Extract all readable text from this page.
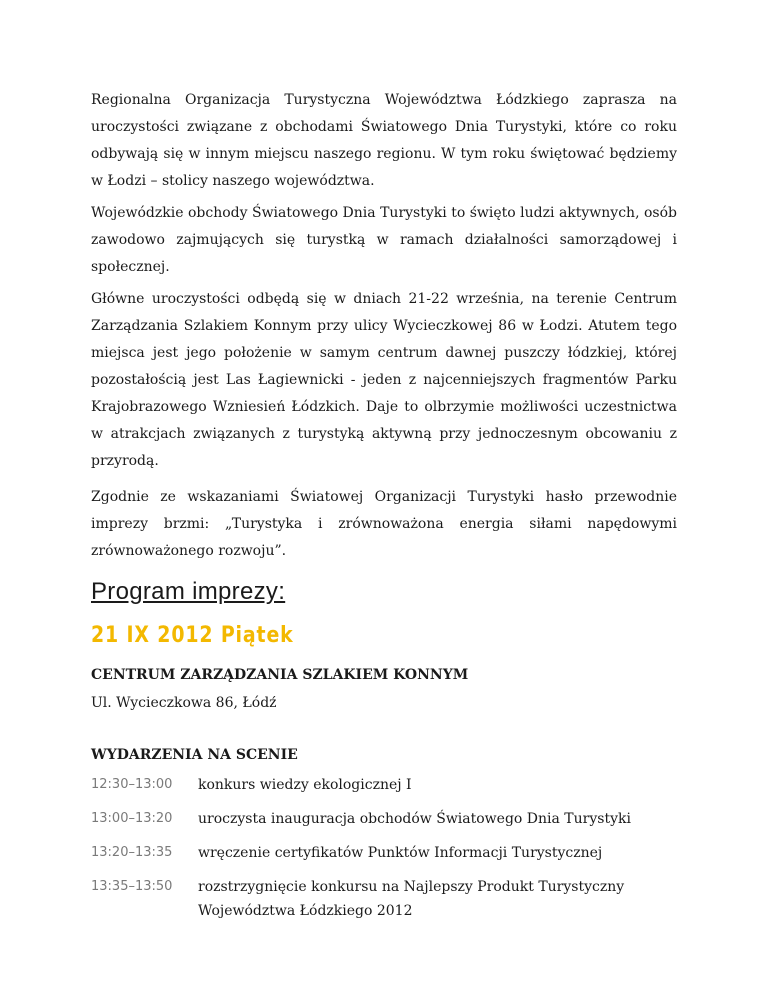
Regionalna Organizacja Turystyczna Województwa Łódzkiego zaprasza na uroczystości związane z obchodami Światowego Dnia Turystyki, które co roku odbywają się w innym miejscu naszego regionu. W tym roku świętować będziemy w Łodzi – stolicy naszego województwa.

Wojewódzkie obchody Światowego Dnia Turystyki to święto ludzi aktywnych, osób zawodowo zajmujących się turystką w ramach działalności samorządowej i społecznej.

Główne uroczystości odbędą się w dniach 21-22 września, na terenie Centrum Zarządzania Szlakiem Konnym przy ulicy Wycieczkowej 86 w Łodzi. Atutem tego miejsca jest jego położenie w samym centrum dawnej puszczy łódzkiej, której pozostałością jest Las Łagiewnicki - jeden z najcenniejszych fragmentów Parku Krajobrazowego Wzniesień Łódzkich. Daje to olbrzymie możliwości uczestnictwa w atrakcjach związanych z turystyką aktywną przy jednoczesnym obcowaniu z przyrodą.

Zgodnie ze wskazaniami Światowej Organizacji Turystyki hasło przewodnie imprezy brzmi: „Turystyka i zrównoważona energia siłami napędowymi zrównoważonego rozwoju”.

Program imprezy:
21 IX 2012 Piątek

CENTRUM ZARZĄDZANIA SZLAKIEM KONNYM

Ul. Wycieczkowa 86, Łódź

WYDARZENIA NA SCENIE

12:30–13:00	konkurs wiedzy ekologicznej I
13:00–13:20	uroczysta inauguracja obchodów Światowego Dnia Turystyki
13:20–13:35	wręczenie certyfikatów Punktów Informacji Turystycznej
13:35–13:50	rozstrzygnięcie konkursu na Najlepszy Produkt Turystyczny Województwa Łódzkiego 2012
